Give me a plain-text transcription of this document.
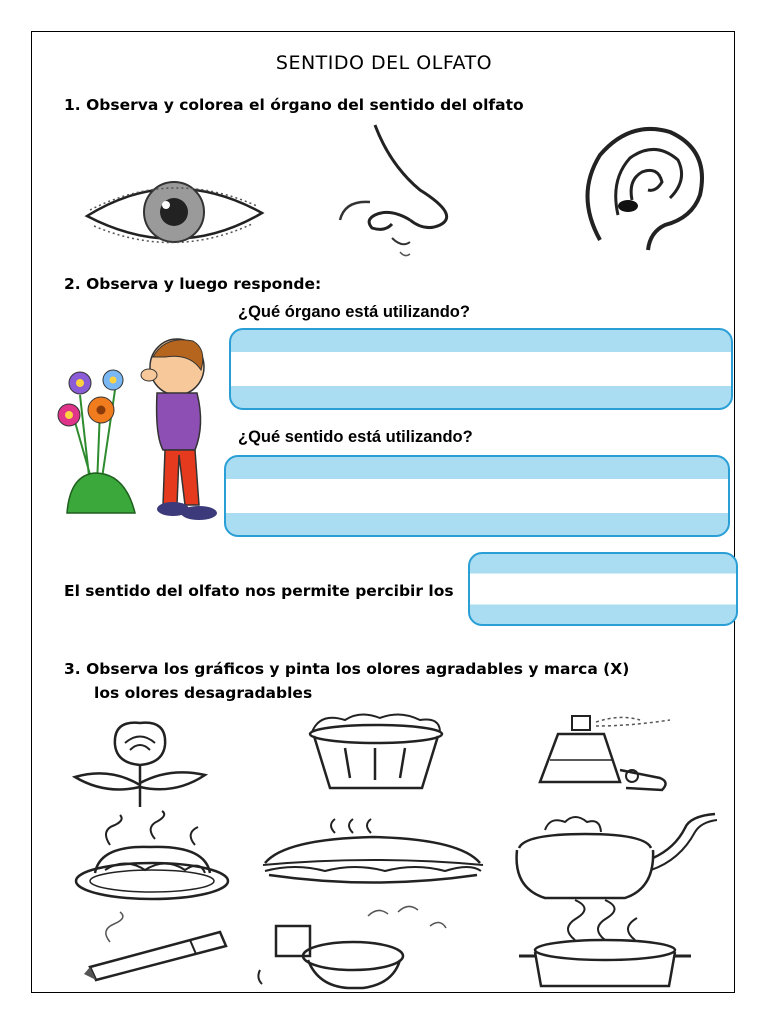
SENTIDO DEL OLFATO
1. Observa y colorea el órgano del sentido del olfato
2. Observa y luego responde:
¿Qué órgano está utilizando?
¿Qué sentido está utilizando?
El sentido del olfato nos permite percibir los
3. Observa los gráficos y pinta los olores agradables y marca (X)
los olores desagradables
